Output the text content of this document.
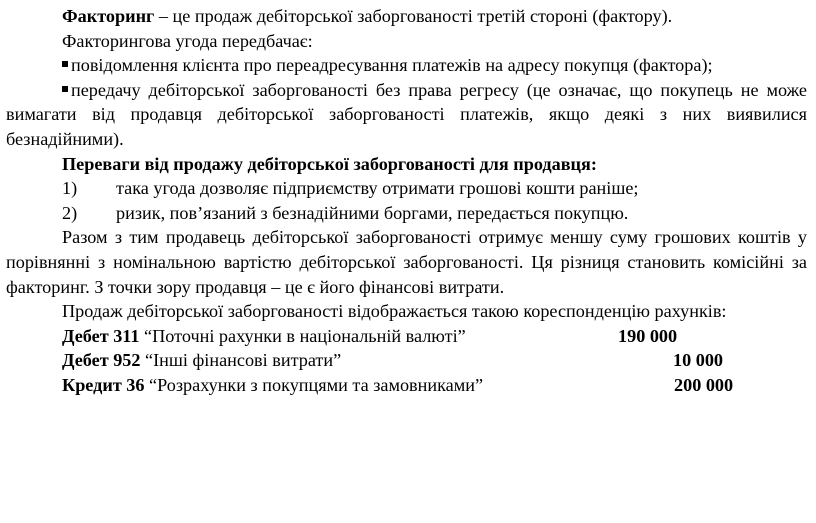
Факторинг – це продаж дебіторської заборгованості третій стороні (фактору).

Факторингова угода передбачає:

повідомлення клієнта про переадресування платежів на адресу покупця (фактора);

передачу дебіторської заборгованості без права регресу (це означає, що покупець не може вимагати від продавця дебіторської заборгованості платежів, якщо деякі з них виявилися безнадійними).

Переваги від продажу дебіторської заборгованості для продавця:

1)	така угода дозволяє підприємству отримати грошові кошти раніше;
2)	ризик, пов’язаний з безнадійними боргами, передається покупцю.

Разом з тим продавець дебіторської заборгованості отримує меншу суму грошових коштів у порівнянні з номінальною вартістю дебіторської заборгованості. Ця різниця становить комісійні за факторинг. З точки зору продавця – це є його фінансові витрати.

Продаж дебіторської заборгованості відображається такою кореспонденцію рахунків:

Дебет 311 “Поточні рахунки в національній валюті”	190 000
Дебет 952 “Інші фінансові витрати”	10 000
Кредит 36 “Розрахунки з покупцями та замовниками”	200 000
